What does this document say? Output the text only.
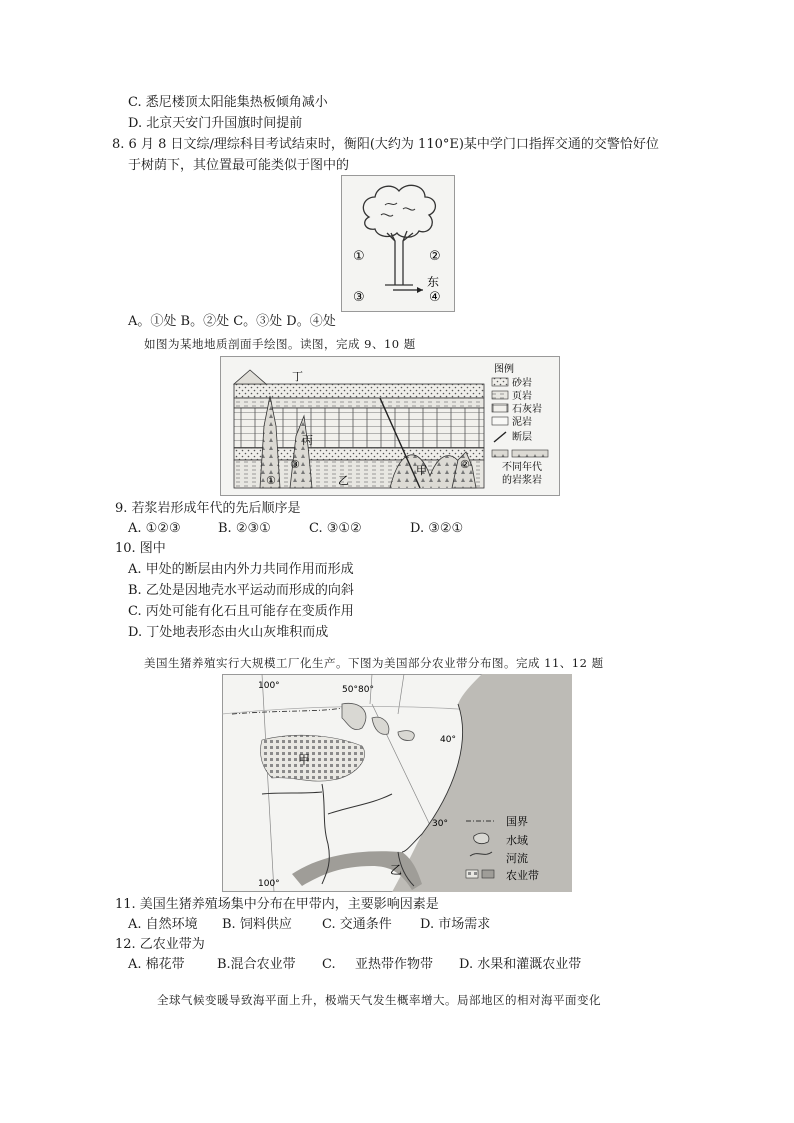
C. 悉尼楼顶太阳能集热板倾角减小
D. 北京天安门升国旗时间提前
8. 6 月 8 日文综/理综科目考试结束时，衡阳(大约为 110°E)某中学门口指挥交通的交警恰好位
于树荫下，其位置最可能类似于图中的
①	②
③	④
东
A。①处 B。②处 C。③处 D。④处
如图为某地地质剖面手绘图。读图，完成 9、10 题
丁
丙
甲
乙
①
②
③
图例
砂岩
页岩
石灰岩
泥岩
断层
不同年代
的岩浆岩
9. 若浆岩形成年代的先后顺序是
A. ①②③	B. ②③①	C. ③①②	D. ③②①
10. 图中
A. 甲处的断层由内外力共同作用而形成
B. 乙处是因地壳水平运动而形成的向斜
C. 丙处可能有化石且可能存在变质作用
D. 丁处地表形态由火山灰堆积而成
美国生猪养殖实行大规模工厂化生产。下图为美国部分农业带分布图。完成 11、12 题
100°	50° 80°
100°
40°
30°
甲
乙
国界
水域
河流
农业带
11. 美国生猪养殖场集中分布在甲带内，主要影响因素是
A. 自然环境 B. 饲料供应 C. 交通条件 D. 市场需求
12. 乙农业带为
A. 棉花带 B.混合农业带 C. 亚热带作物带 D. 水果和灌溉农业带
全球气候变暖导致海平面上升，极端天气发生概率增大。局部地区的相对海平面变化
